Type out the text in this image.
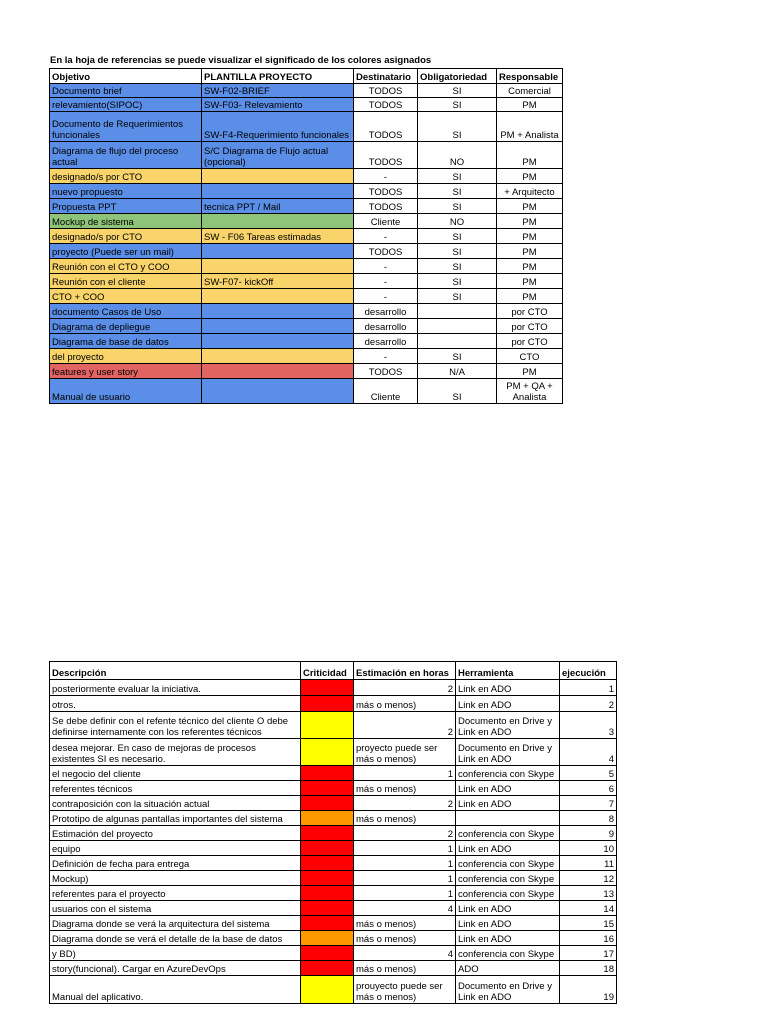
En la hoja de referencias se puede visualizar el significado de los colores asignados
Objetivo	PLANTILLA PROYECTO	Destinatario	Obligatoriedad	Responsable
Documento brief	SW-F02-BRIEF	TODOS	SI	Comercial
relevamiento(SIPOC)	SW-F03- Relevamiento	TODOS	SI	PM
Documento de Requerimientos funcionales	SW-F4-Requerimiento funcionales	TODOS	SI	PM + Analista
Diagrama de flujo del proceso actual	S/C Diagrama de Flujo actual (opcional)	TODOS	NO	PM
designado/s por CTO		-	SI	PM
nuevo propuesto		TODOS	SI	+ Arquitecto
Propuesta PPT	tecnica PPT / Mail	TODOS	SI	PM
Mockup de sistema		Cliente	NO	PM
designado/s por CTO	SW - F06 Tareas estimadas	-	SI	PM
proyecto (Puede ser un mail)		TODOS	SI	PM
Reunión con el CTO y COO		-	SI	PM
Reunión con el cliente	SW-F07- kickOff	-	SI	PM
CTO + COO		-	SI	PM
documento Casos de Uso		desarrollo		por CTO
Diagrama de depliegue		desarrollo		por CTO
Diagrama de base de datos		desarrollo		por CTO
del proyecto		-	SI	CTO
features y user story		TODOS	N/A	PM
Manual de usuario		Cliente	SI	PM + QA + Analista
Descripción	Criticidad	Estimación en horas	Herramienta	ejecución
posteriormente evaluar la iniciativa.		2	Link en ADO	1
otros.		más o menos)	Link en ADO	2
Se debe definir con el refente técnico del cliente O debe definirse internamente con los referentes técnicos		2	Documento en Drive y Link en ADO	3
desea mejorar. En caso de mejoras de procesos existentes SI es necesario.		proyecto puede ser más o menos)	Documento en Drive y Link en ADO	4
el negocio del cliente		1	conferencia con Skype	5
referentes técnicos		más o menos)	Link en ADO	6
contraposición con la situación actual		2	Link en ADO	7
Prototipo de algunas pantallas importantes del sistema		más o menos)		8
Estimación del proyecto		2	conferencia con Skype	9
equipo		1	Link en ADO	10
Definición de fecha para entrega		1	conferencia con Skype	11
Mockup)		1	conferencia con Skype	12
referentes para el proyecto		1	conferencia con Skype	13
usuarios con el sistema		4	Link en ADO	14
Diagrama donde se verá la arquitectura del sistema		más o menos)	Link en ADO	15
Diagrama donde se verá el detalle de la base de datos		más o menos)	Link en ADO	16
y BD)		4	conferencia con Skype	17
story(funcional). Cargar en AzureDevOps		más o menos)	ADO	18
Manual del aplicativo.		prouyecto puede ser más o menos)	Documento en Drive y Link en ADO	19
